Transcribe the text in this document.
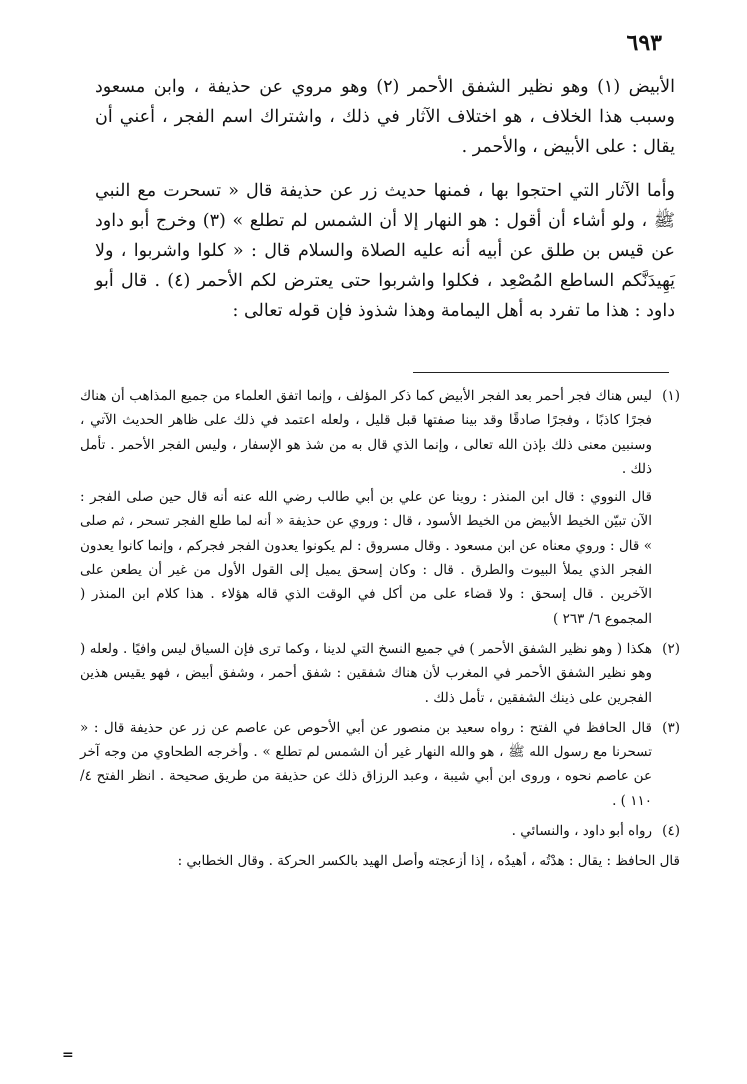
٦٩٣

الأبيض (١) وهو نظير الشفق الأحمر (٢) وهو مروي عن حذيفة ، وابن مسعود وسبب هذا الخلاف ، هو اختلاف الآثار في ذلك ، واشتراك اسم الفجر ، أعني أن يقال : على الأبيض ، والأحمر .

وأما الآثار التي احتجوا بها ، فمنها حديث زر عن حذيفة قال « تسحرت مع النبي ﷺ ، ولو أشاء أن أقول : هو النهار إلا أن الشمس لم تطلع » (٣) وخرج أبو داود عن قيس بن طلق عن أبيه أنه عليه الصلاة والسلام قال : « كلوا واشربوا ، ولا يَهِيدَنَّكم الساطع المُصْعِد ، فكلوا واشربوا حتى يعترض لكم الأحمر (٤) . قال أبو داود : هذا ما تفرد به أهل اليمامة وهذا شذوذ فإن قوله تعالى :

(١)

ليس هناك فجر أحمر بعد الفجر الأبيض كما ذكر المؤلف ، وإنما اتفق العلماء من جميع المذاهب أن هناك فجرًا كاذبًا ، وفجرًا صادقًا وقد بينا صفتها قبل قليل ، ولعله اعتمد في ذلك على ظاهر الحديث الآتي ، وسنبين معنى ذلك بإذن الله تعالى ، وإنما الذي قال به من شذ هو الإسفار ، وليس الفجر الأحمر . تأمل ذلك .

قال النووي : قال ابن المنذر : روينا عن علي بن أبي طالب رضي الله عنه أنه قال حين صلى الفجر : الآن تبيّن الخيط الأبيض من الخيط الأسود ، قال : وروي عن حذيفة « أنه لما طلع الفجر تسحر ، ثم صلى » قال : وروي معناه عن ابن مسعود . وقال مسروق : لم يكونوا يعدون الفجر فجركم ، وإنما كانوا يعدون الفجر الذي يملأ البيوت والطرق . قال : وكان إسحق يميل إلى القول الأول من غير أن يطعن على الآخرين . قال إسحق : ولا قضاء على من أكل في الوقت الذي قاله هؤلاء . هذا كلام ابن المنذر ( المجموع ٦/ ٢٦٣ )

(٢)

هكذا ( وهو نظير الشفق الأحمر ) في جميع النسخ التي لدينا ، وكما ترى فإن السياق ليس وافيًا . ولعله ( وهو نظير الشفق الأحمر في المغرب لأن هناك شفقين : شفق أحمر ، وشفق أبيض ، فهو يقيس هذين الفجرين على ذينك الشفقين ، تأمل ذلك .

(٣)

قال الحافظ في الفتح : رواه سعيد بن منصور عن أبي الأحوص عن عاصم عن زر عن حذيفة قال : « تسحرنا مع رسول الله ﷺ ، هو والله النهار غير أن الشمس لم تطلع » . وأخرجه الطحاوي من وجه آخر عن عاصم نحوه ، وروى ابن أبي شيبة ، وعبد الرزاق ذلك عن حذيفة من طريق صحيحة . انظر الفتح ٤/ ١١٠ ) .

(٤)

رواه أبو داود ، والنسائي .

قال الحافظ : يقال : هدْتُه ، أهيدُه ، إذا أزعجته وأصل الهيد بالكسر الحركة . وقال الخطابي :

=
